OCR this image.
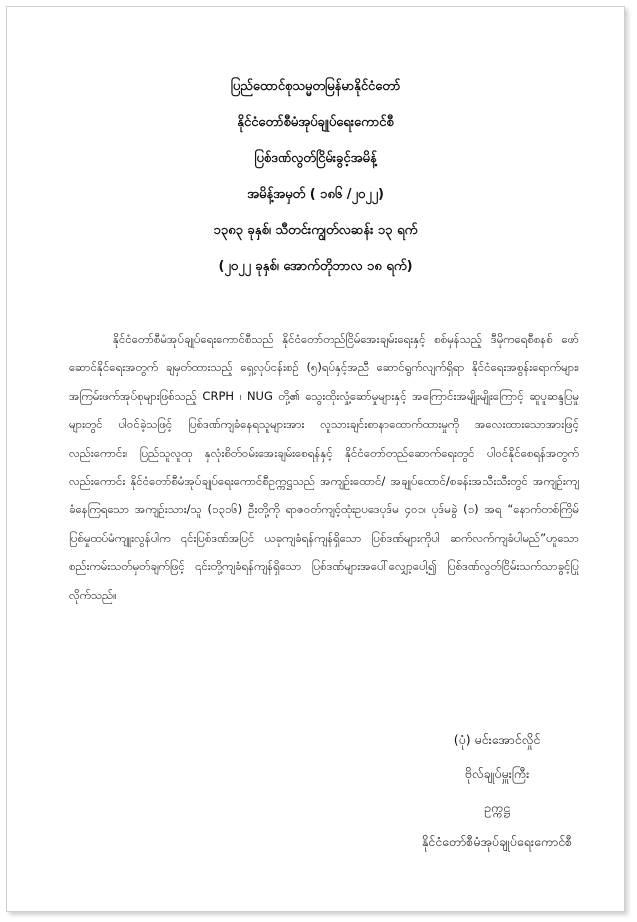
ပြည်ထောင်စုသမ္မတမြန်မာနိုင်ငံတော်
နိုင်ငံတော်စီမံအုပ်ချုပ်ရေးကောင်စီ
ပြစ်ဒဏ်လွတ်ငြိမ်းခွင့်အမိန့်
အမိန့်အမှတ် ( ၁၈၆ /၂၀၂၂)
၁၃၈၃ ခုနှစ်၊ သီတင်းကျွတ်လဆန်း ၁၃ ရက်
(၂၀၂၂ ခုနှစ်၊ အောက်တိုဘာလ ၁၈ ရက်)
နိုင်ငံတော်စီမံအုပ်ချုပ်ရေးကောင်စီသည် နိုင်ငံတော်တည်ငြိမ်အေးချမ်းရေးနှင့် စစ်မှန်သည့် ဒီမိုကရေစီစနစ် ဖော်ဆောင်နိုင်ရေးအတွက် ချမှတ်ထားသည့် ရှေ့လုပ်ငန်းစဉ် (၅)ရပ်နှင့်အညီ ဆောင်ရွက်လျက်ရှိရာ နိုင်ငံရေးအစွန်းရောက်များ၊ အကြမ်းဖက်အုပ်စုများဖြစ်သည့် CRPH ၊ NUG တို့၏ သွေးထိုးလှုံ့ဆော်မှုများနှင့် အကြောင်းအမျိုးမျိုးကြောင့် ဆူပူဆန္ဒပြမှုများတွင် ပါဝင်ခဲ့သဖြင့် ပြစ်ဒဏ်ကျခံနေရသူများအား လူသားချင်းစာနာထောက်ထားမှုကို အလေးထားသောအားဖြင့် လည်းကောင်း၊ ပြည်သူလူထု နှလုံးစိတ်ဝမ်းအေးချမ်းစေရန်နှင့် နိုင်ငံတော်တည်ဆောက်ရေးတွင် ပါဝင်နိုင်စေရန်အတွက်လည်းကောင်း နိုင်ငံတော်စီမံအုပ်ချုပ်ရေးကောင်စီဥက္ကဋ္ဌသည် အကျဉ်းထောင်/ အချုပ်ထောင်/စခန်းအသီးသီးတွင် အကျဉ်းကျခံနေကြရသော အကျဉ်းသား/သူ (၁၃၁၆) ဦးတို့ကို ရာဇဝတ်ကျင့်ထုံးဥပဒေပုဒ်မ ၄၀၁၊ ပုဒ်မခွဲ (၁) အရ “နောက်တစ်ကြိမ်ပြစ်မှုထပ်မံကျူးလွန်ပါက ၎င်းပြစ်ဒဏ်အပြင် ယခုကျခံရန်ကျန်ရှိသော ပြစ်ဒဏ်များကိုပါ ဆက်လက်ကျခံပါမည်”ဟူသော စည်းကမ်းသတ်မှတ်ချက်ဖြင့် ၎င်းတို့ကျခံရန်ကျန်ရှိသော ပြစ်ဒဏ်များအပေါ်လျှော့ပေါ့၍ ပြစ်ဒဏ်လွတ်ငြိမ်းသက်သာခွင့်ပြုလိုက်သည်။
(ပုံ) မင်းအောင်လှိုင်
ဗိုလ်ချုပ်မှူးကြီး
ဥက္ကဋ္ဌ
နိုင်ငံတော်စီမံအုပ်ချုပ်ရေးကောင်စီ
